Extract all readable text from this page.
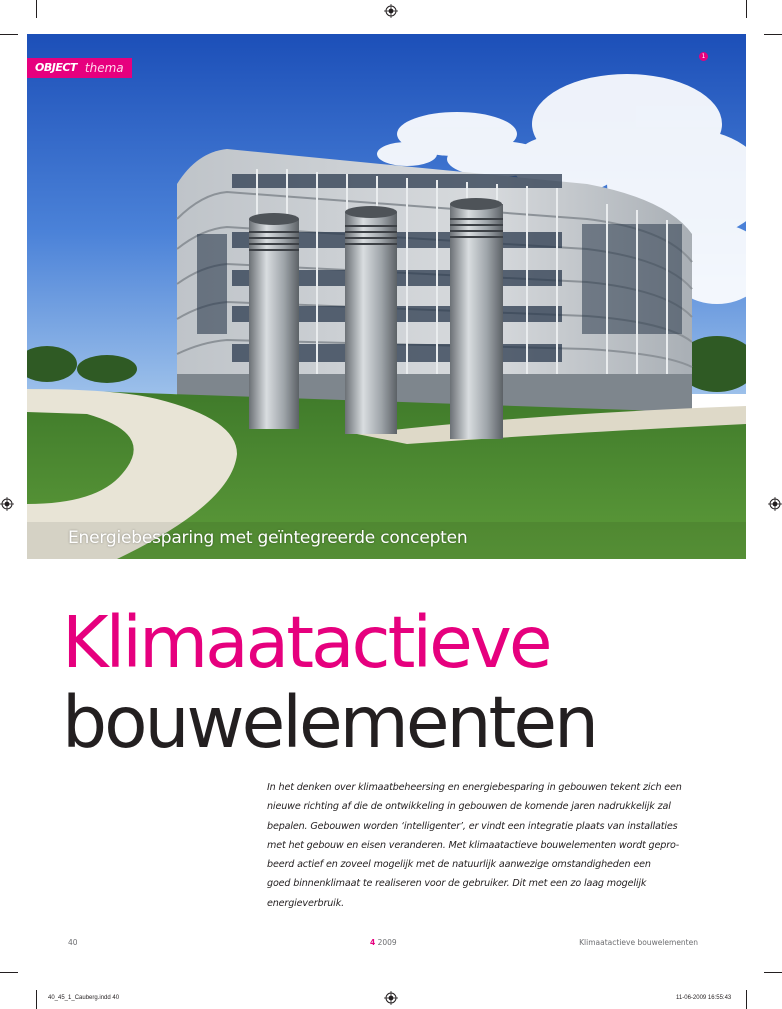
OBJECT thema
1
Energiebesparing met geïntegreerde concepten
Klimaatactieve
bouwelementen
In het denken over klimaatbeheersing en energiebesparing in gebouwen tekent zich een
nieuwe richting af die de ontwikkeling in gebouwen de komende jaren nadrukkelijk zal
bepalen. Gebouwen worden ‘intelligenter’, er vindt een integratie plaats van installaties
met het gebouw en eisen veranderen. Met klimaatactieve bouwelementen wordt gepro-
beerd actief en zoveel mogelijk met de natuurlijk aanwezige omstandigheden een
goed binnenklimaat te realiseren voor de gebruiker. Dit met een zo laag mogelijk
energieverbruik.
40	4 2009	Klimaatactieve bouwelementen
40_45_1_Cauberg.indd 40	11-06-2009 16:55:43
